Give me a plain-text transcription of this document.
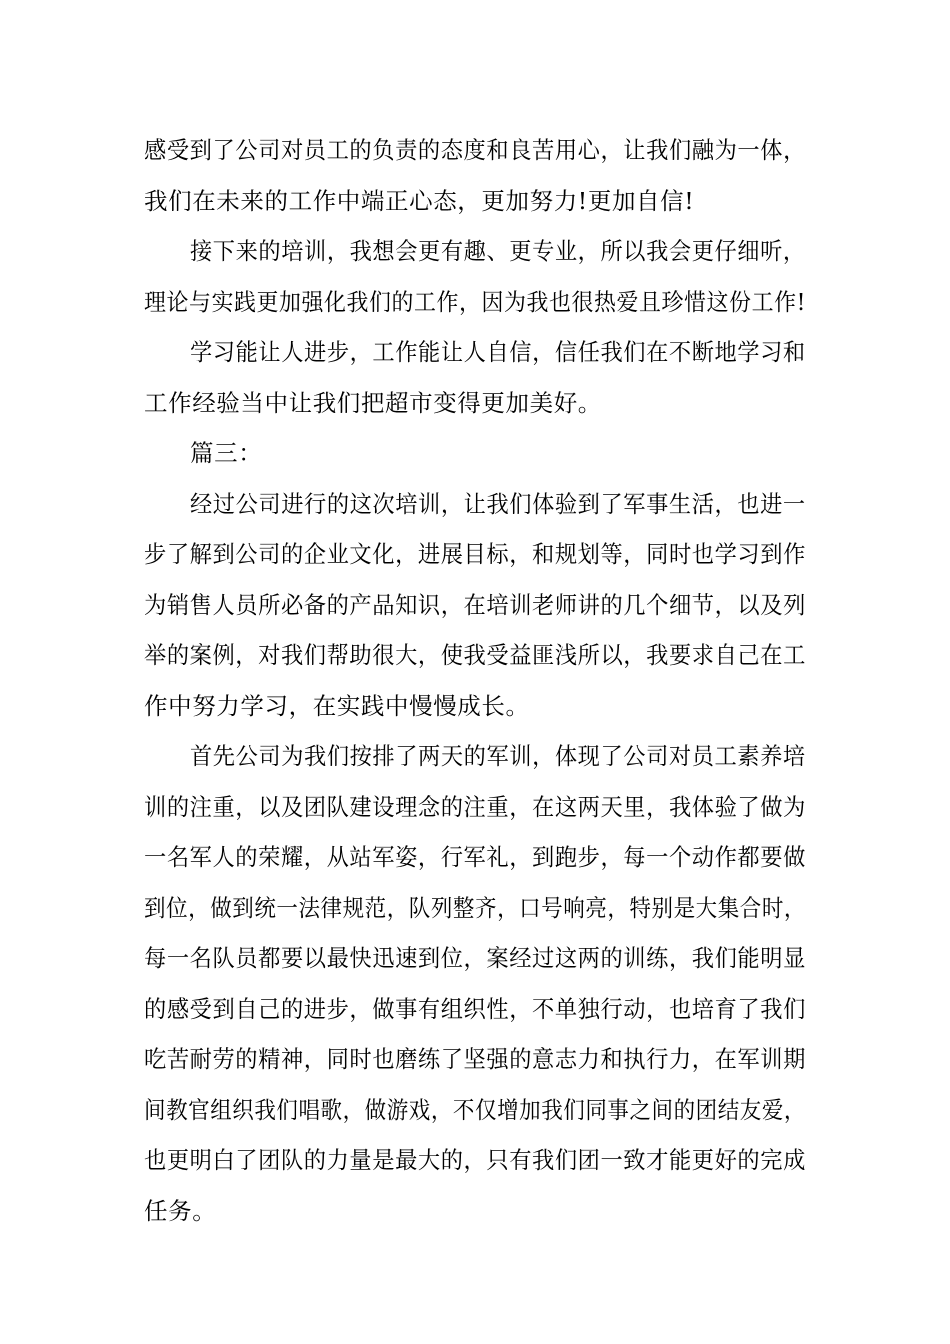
感受到了公司对员工的负责的态度和良苦用心，让我们融为一体，
我们在未来的工作中端正心态，更加努力!更加自信!
接下来的培训，我想会更有趣、更专业，所以我会更仔细听，
理论与实践更加强化我们的工作，因为我也很热爱且珍惜这份工作!
学习能让人进步，工作能让人自信，信任我们在不断地学习和
工作经验当中让我们把超市变得更加美好。
篇三：
经过公司进行的这次培训，让我们体验到了军事生活，也进一
步了解到公司的企业文化，进展目标，和规划等，同时也学习到作
为销售人员所必备的产品知识，在培训老师讲的几个细节，以及列
举的案例，对我们帮助很大，使我受益匪浅所以，我要求自己在工
作中努力学习，在实践中慢慢成长。
首先公司为我们按排了两天的军训，体现了公司对员工素养培
训的注重，以及团队建设理念的注重，在这两天里，我体验了做为
一名军人的荣耀，从站军姿，行军礼，到跑步，每一个动作都要做
到位，做到统一法律规范，队列整齐，口号响亮，特别是大集合时，
每一名队员都要以最快迅速到位，案经过这两的训练，我们能明显
的感受到自己的进步，做事有组织性，不单独行动，也培育了我们
吃苦耐劳的精神，同时也磨练了坚强的意志力和执行力，在军训期
间教官组织我们唱歌，做游戏，不仅增加我们同事之间的团结友爱，
也更明白了团队的力量是最大的，只有我们团一致才能更好的完成
任务。
